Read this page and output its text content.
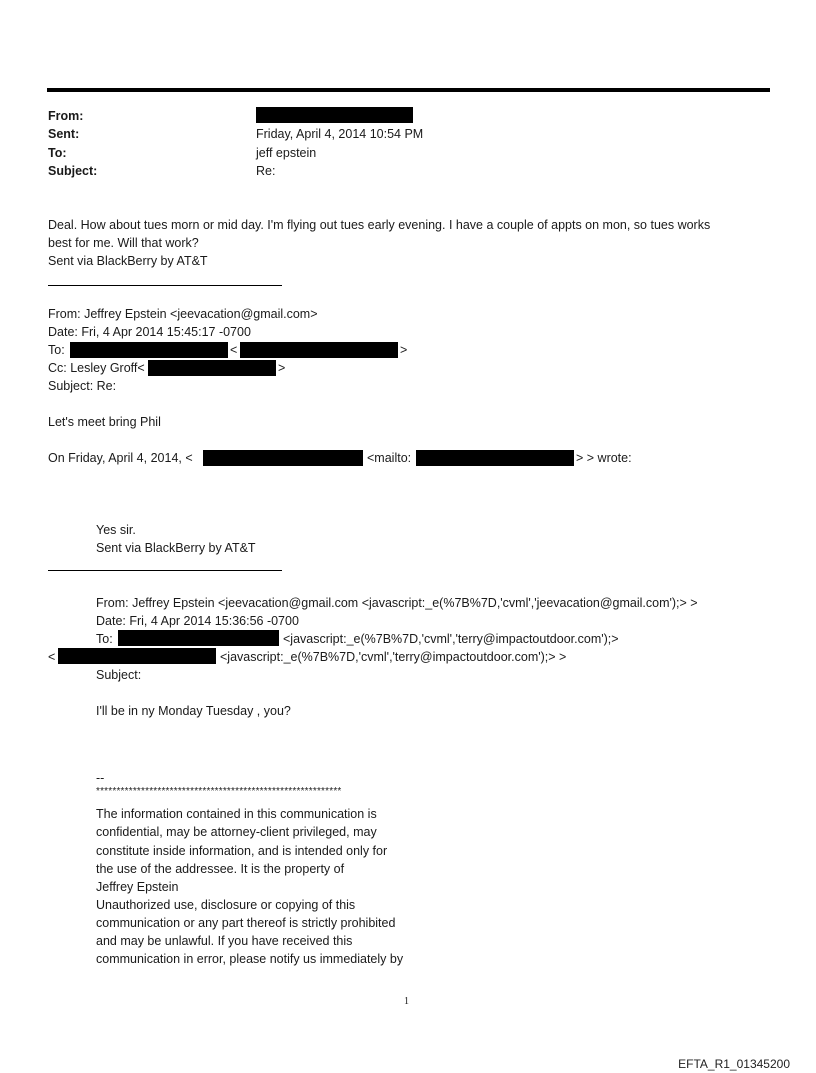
From:
Sent:	Friday, April 4, 2014 10:54 PM
To:	jeff epstein
Subject:	Re:
Deal. How about tues morn or mid day. I'm flying out tues early evening. I have a couple of appts on mon, so tues works
best for me. Will that work?
Sent via BlackBerry by AT&T
From: Jeffrey Epstein <jeevacation@gmail.com>
Date: Fri, 4 Apr 2014 15:45:17 -0700
To:	<	>
Cc: Lesley Groff<	>
Subject: Re:
Let's meet bring Phil
On Friday, April 4, 2014, <	<mailto:	> > wrote:
Yes sir.
Sent via BlackBerry by AT&T
From: Jeffrey Epstein <jeevacation@gmail.com <javascript:_e(%7B%7D,'cvml','jeevacation@gmail.com');> >
Date: Fri, 4 Apr 2014 15:36:56 -0700
To:	<javascript:_e(%7B%7D,'cvml','terry@impactoutdoor.com');>
<	<javascript:_e(%7B%7D,'cvml','terry@impactoutdoor.com');> >
Subject:
I'll be in ny Monday Tuesday , you?
--
************************************************************
The information contained in this communication is
confidential, may be attorney-client privileged, may
constitute inside information, and is intended only for
the use of the addressee. It is the property of
Jeffrey Epstein
Unauthorized use, disclosure or copying of this
communication or any part thereof is strictly prohibited
and may be unlawful. If you have received this
communication in error, please notify us immediately by
1
EFTA_R1_01345200
